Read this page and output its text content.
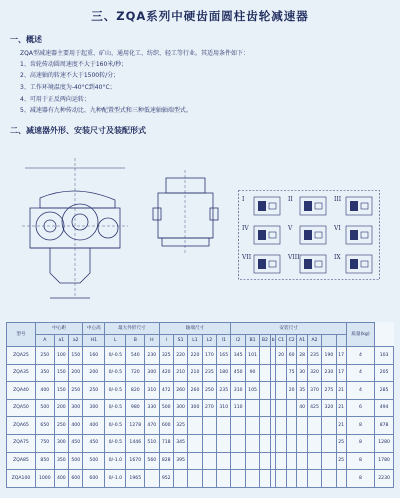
三、ZQA系列中硬齿面圆柱齿轮减速器
一、概述
ZQA型减速器主要用于起重、矿山、通用化工、纺织、轻工等行业。其适用条件如下：
1、齿轮传动圆周速度不大于160米/秒；
2、高速轴的转速不大于1500转/分；
3、工作环境温度为-40°C到40°C；
4、可用于正反两向运转；
5、减速器有九种传动比、九种配置型式和三种低速轴轴端型式。
二、减速器外形、安装尺寸及装配形式
I	II	III
IV	V	VI
VII	VIII	IX
型号	中心距			中心高	最大外形尺寸			轴端尺寸					安装尺寸										质量(kg)	
	A	a1	a2	H1	L	B	H	l	S1	L1	L2	l1	l2	B1	B2	b	C1	C2	A1	A2				
ZQA25	250	100	150	160	0/-0.5	540	230	325	220	220	170	165	345	101			20	60	28	235	190	17	4	103
ZQA35	350	150	200	200	0/-0.5	720	300	420	210	210	235	180	450	90				75	30	320	230	17	4	205
ZQA40	400	150	250	250	0/-0.5	820	310	472	260	260	250	235	310	105				20	35	370	275	21	4	285
ZQA50	500	200	300	300	0/-0.5	980	330	500	300	300	270	310	110						40	425	320	21	6	494
ZQA65	650	250	400	400	0/-0.5	1278	470	600	325													21	8	878
ZQA75	750	300	450	450	0/-0.5	1446	510	718	345													25	8	1280
ZQA85	850	350	500	500	0/-1.0	1670	560	828	395													25	8	1780
ZQA100	1000	400	600	600	0/-1.0	1965		952															8	2230
